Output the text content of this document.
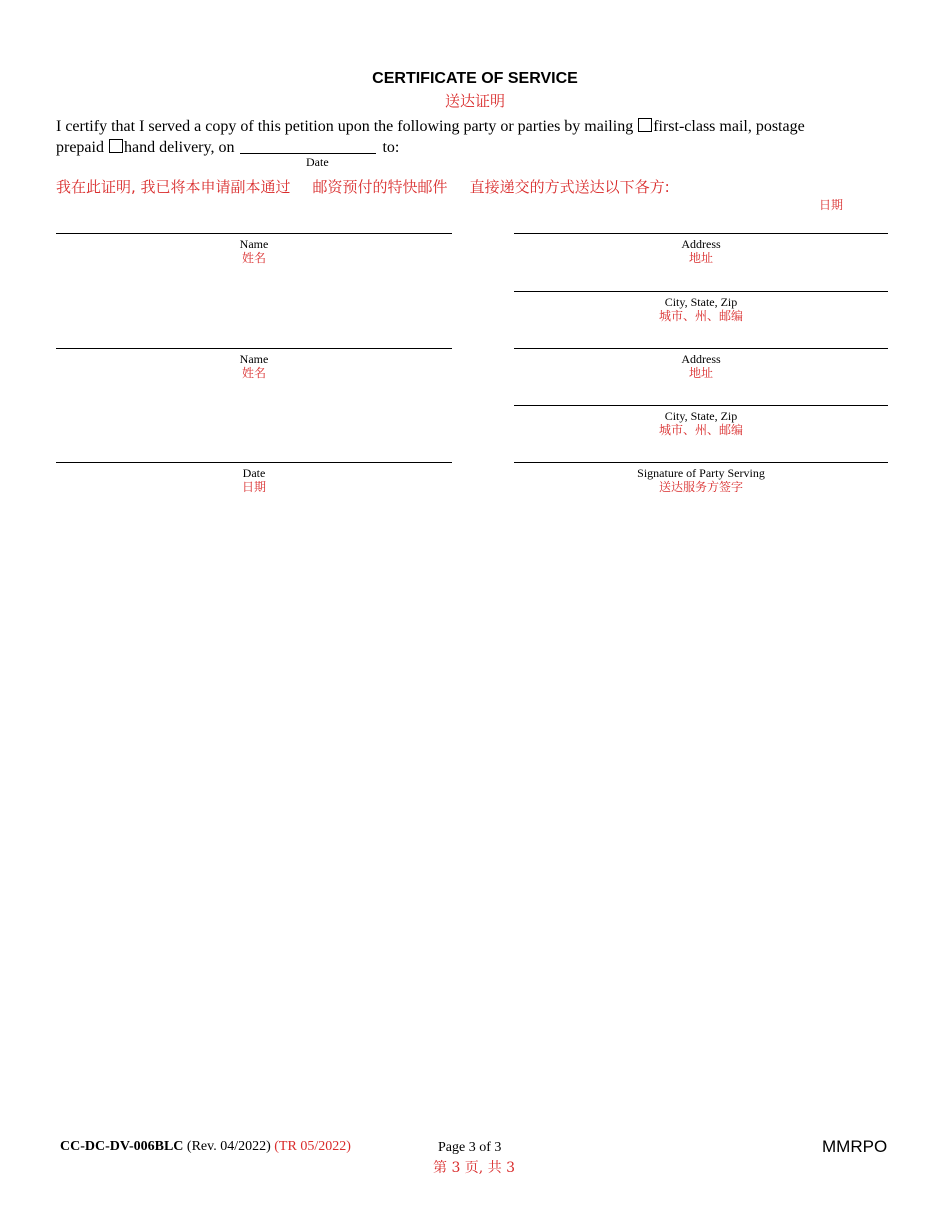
CERTIFICATE OF SERVICE
送达证明
I certify that I served a copy of this petition upon the following party or parties by mailing first-class mail, postage
prepaid hand delivery, on	to:
Date
我在此证明, 我已将本申请副本通过 邮资预付的特快邮件 直接递交的方式送达以下各方:
日期
Name
姓名
Name
姓名
Date
日期
Address
地址
City, State, Zip
城市、州、邮编
Address
地址
City, State, Zip
城市、州、邮编
Signature of Party Serving
送达服务方签字
CC-DC-DV-006BLC (Rev. 04/2022) (TR 05/2022)	Page 3 of 3
第 3 页, 共 3
MMRPO
